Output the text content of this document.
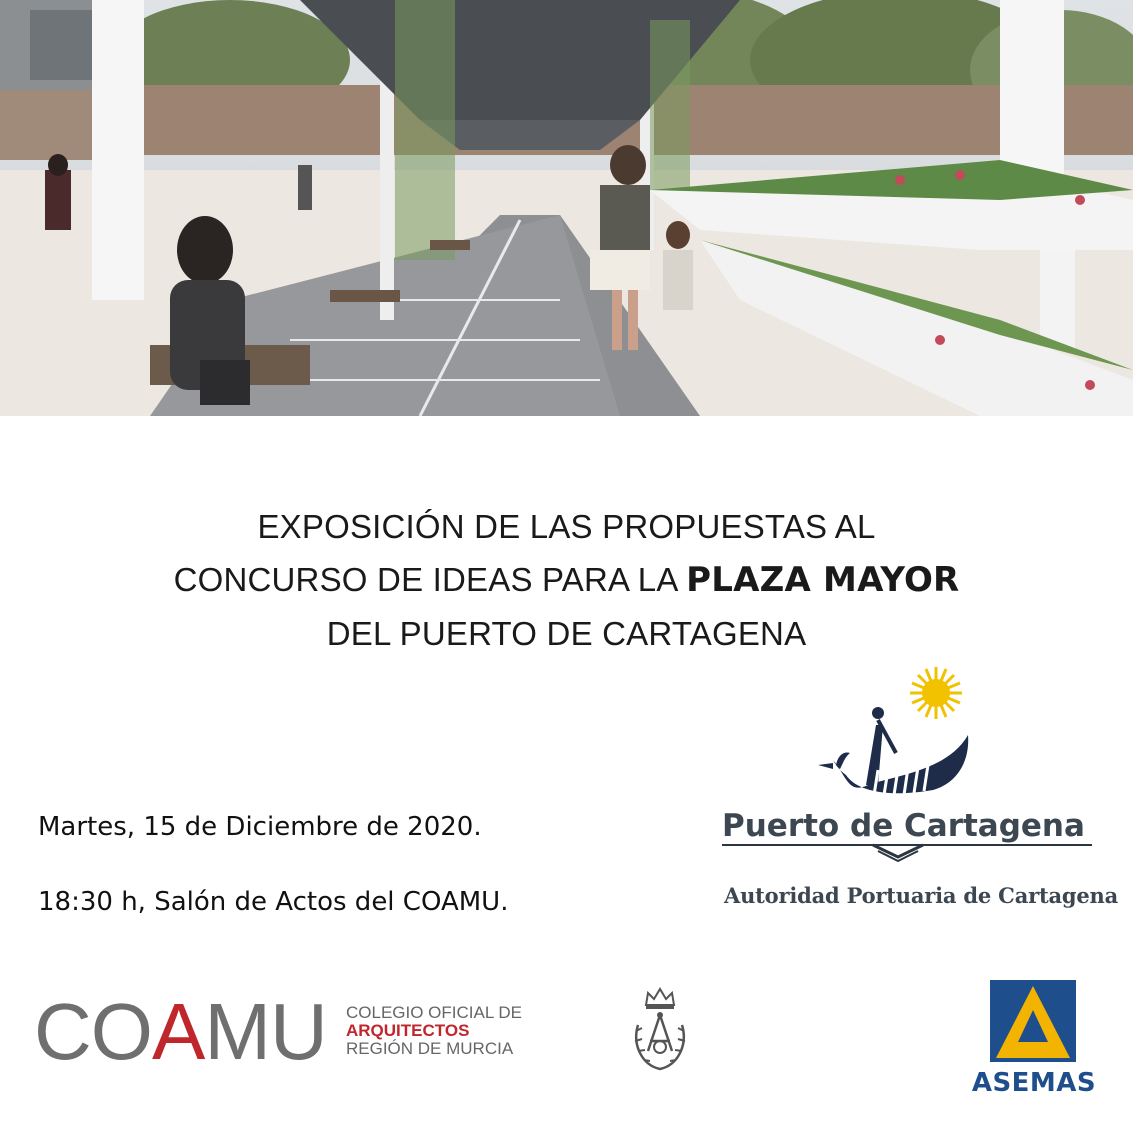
EXPOSICIÓN DE LAS PROPUESTAS AL
CONCURSO DE IDEAS PARA LA PLAZA MAYOR
DEL PUERTO DE CARTAGENA
Martes, 15 de Diciembre de 2020.
18:30 h, Salón de Actos del COAMU.
Puerto de Cartagena
Autoridad Portuaria de Cartagena
COAMU COLEGIO OFICIAL DE
ARQUITECTOS
REGIÓN DE MURCIA
ASEMAS
